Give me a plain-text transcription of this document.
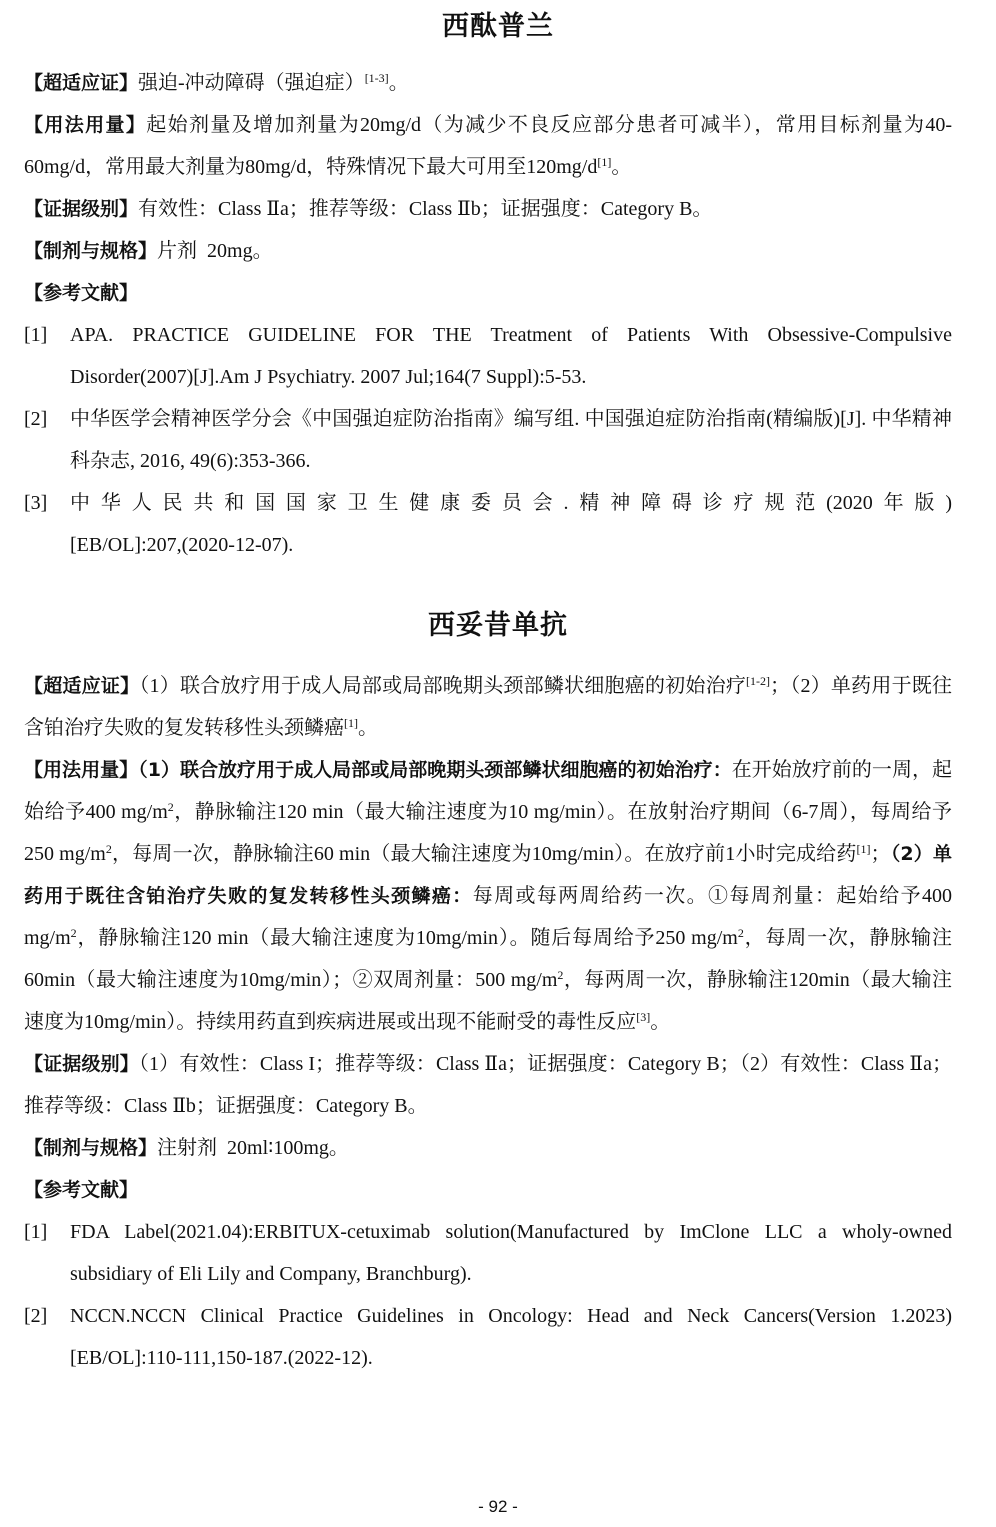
西酞普兰

【超适应证】强迫-冲动障碍（强迫症）[1-3]。

【用法用量】起始剂量及增加剂量为20mg/d（为减少不良反应部分患者可减半），常用目标剂量为40-60mg/d，常用最大剂量为80mg/d，特殊情况下最大可用至120mg/d[1]。

【证据级别】有效性：Class Ⅱa；推荐等级：Class Ⅱb；证据强度：Category B。

【制剂与规格】片剂  20mg。

【参考文献】

[1] APA. PRACTICE GUIDELINE FOR THE Treatment of Patients With Obsessive-Compulsive Disorder(2007)[J].Am J Psychiatry. 2007 Jul;164(7 Suppl):5-53.

[2] 中华医学会精神医学分会《中国强迫症防治指南》编写组. 中国强迫症防治指南(精编版)[J]. 中华精神科杂志, 2016, 49(6):353-366.

[3] 中华人民共和国国家卫生健康委员会.精神障碍诊疗规范(2020年版)

[EB/OL]:207,(2020-12-07).

西妥昔单抗

【超适应证】（1）联合放疗用于成人局部或局部晚期头颈部鳞状细胞癌的初始治疗[1-2]；（2）单药用于既往含铂治疗失败的复发转移性头颈鳞癌[1]。

【用法用量】（1）联合放疗用于成人局部或局部晚期头颈部鳞状细胞癌的初始治疗：在开始放疗前的一周，起始给予400 $mg/m^2$，静脉输注120 min（最大输注速度为10 mg/min）。在放射治疗期间（6-7周），每周给予250 $mg/m^2$，每周一次，静脉输注60 min（最大输注速度为10mg/min）。在放疗前1小时完成给药[1]；（2）单药用于既往含铂治疗失败的复发转移性头颈鳞癌：每周或每两周给药一次。①每周剂量：起始给予400 $mg/m^2$，静脉输注120 min（最大输注速度为10mg/min）。随后每周给予250 $mg/m^2$，每周一次，静脉输注60min（最大输注速度为10mg/min）；②双周剂量：500 $mg/m^2$，每两周一次，静脉输注120min（最大输注速度为10mg/min）。持续用药直到疾病进展或出现不能耐受的毒性反应[3]。

【证据级别】（1）有效性：Class I；推荐等级：Class Ⅱa；证据强度：Category B；（2）有效性：Class Ⅱa；推荐等级：Class Ⅱb；证据强度：Category B。

【制剂与规格】注射剂  20ml∶100mg。

【参考文献】

[1] FDA Label(2021.04):ERBITUX-cetuximab solution(Manufactured by ImClone LLC a wholy-owned subsidiary of Eli Lily and Company, Branchburg).

[2] NCCN.NCCN Clinical Practice Guidelines in Oncology: Head and Neck Cancers(Version 1.2023)[EB/OL]:110-111,150-187.(2022-12).

- 92 -
